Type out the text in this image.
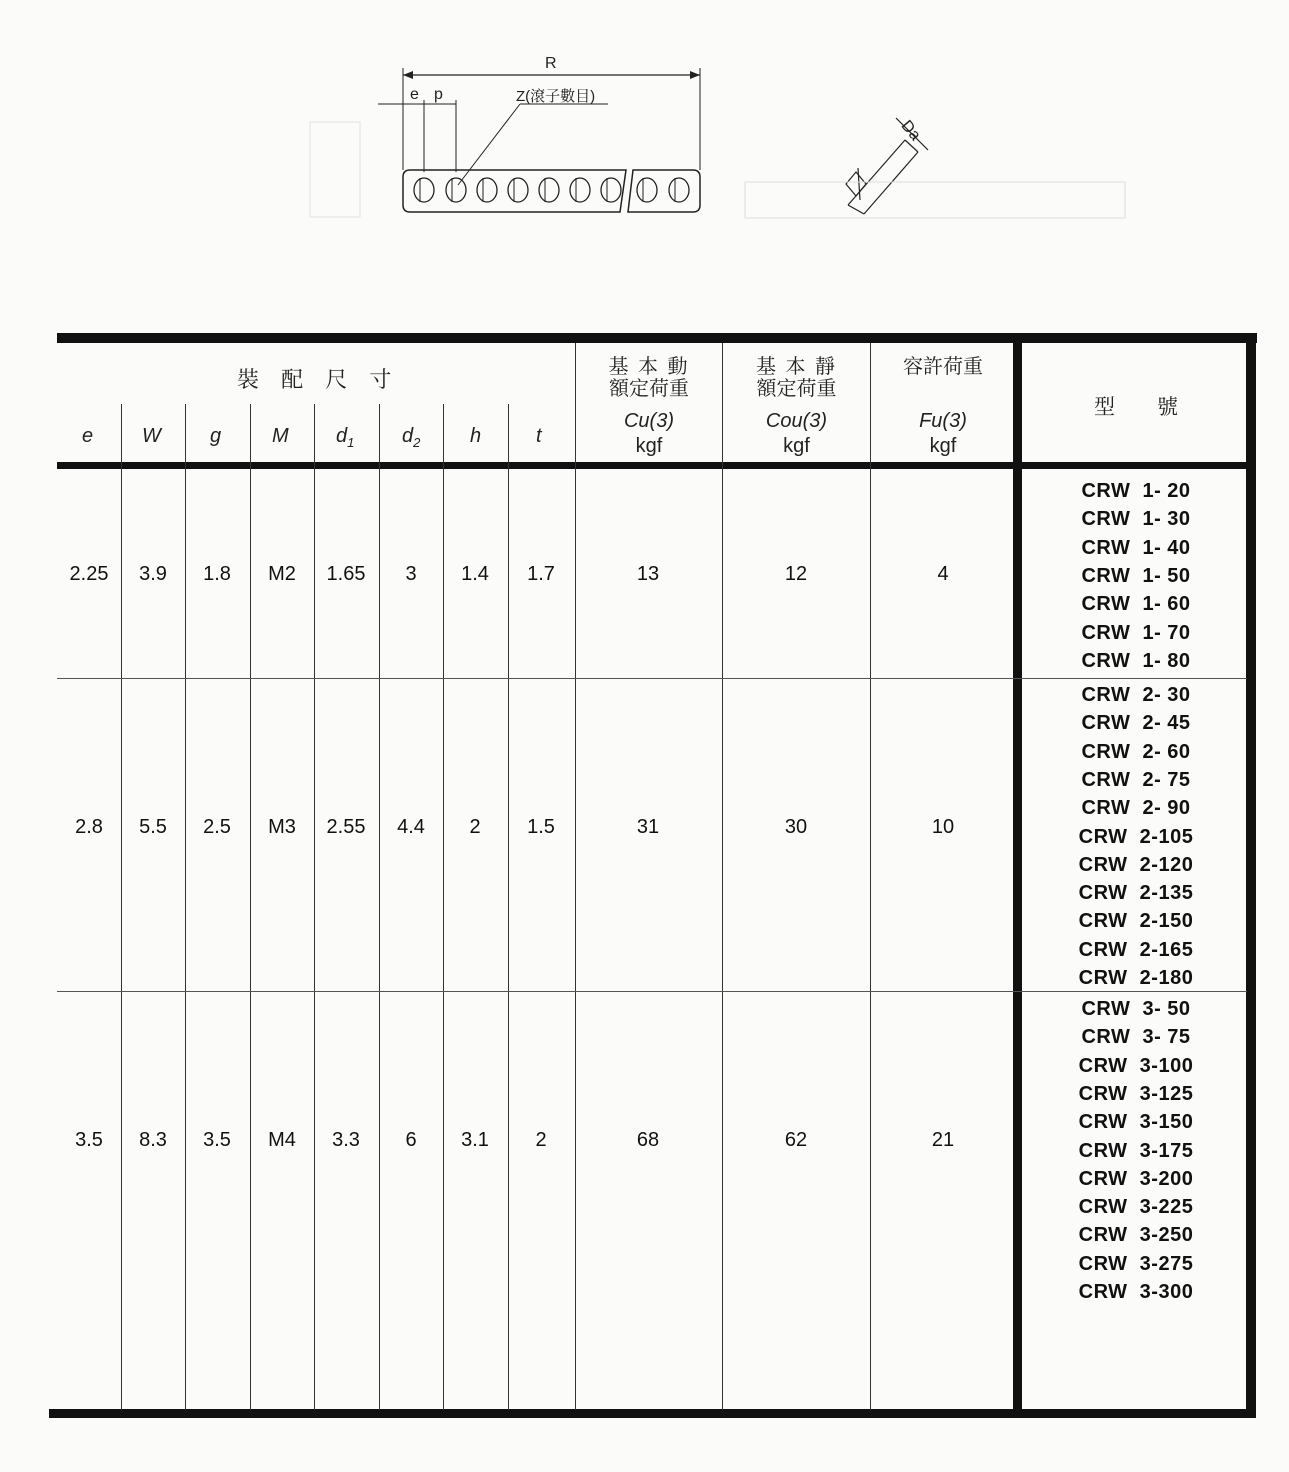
R
e p	Z(滾子數目)
Da
裝 配 尺 寸
e W g	M $d_1$ $d_2$ h	t
基 本 動
額定荷重
Cu(3)
kgf
基 本 靜
額定荷重
Cou(3)
kgf
容許荷重
Fu(3)
kgf
型　　號
2.25	3.9	1.8	M2	1.65	3	1.4	1.7	13	12	4
CRW  1- 20
CRW  1- 30
CRW  1- 40
CRW  1- 50
CRW  1- 60
CRW  1- 70
CRW  1- 80
2.8	5.5	2.5	M3	2.55	4.4	2	1.5	31	30	10
CRW  2- 30
CRW  2- 45
CRW  2- 60
CRW  2- 75
CRW  2- 90
CRW  2-105
CRW  2-120
CRW  2-135
CRW  2-150
CRW  2-165
CRW  2-180
3.5	8.3	3.5	M4	3.3	6	3.1	2	68	62	21
CRW  3- 50
CRW  3- 75
CRW  3-100
CRW  3-125
CRW  3-150
CRW  3-175
CRW  3-200
CRW  3-225
CRW  3-250
CRW  3-275
CRW  3-300
